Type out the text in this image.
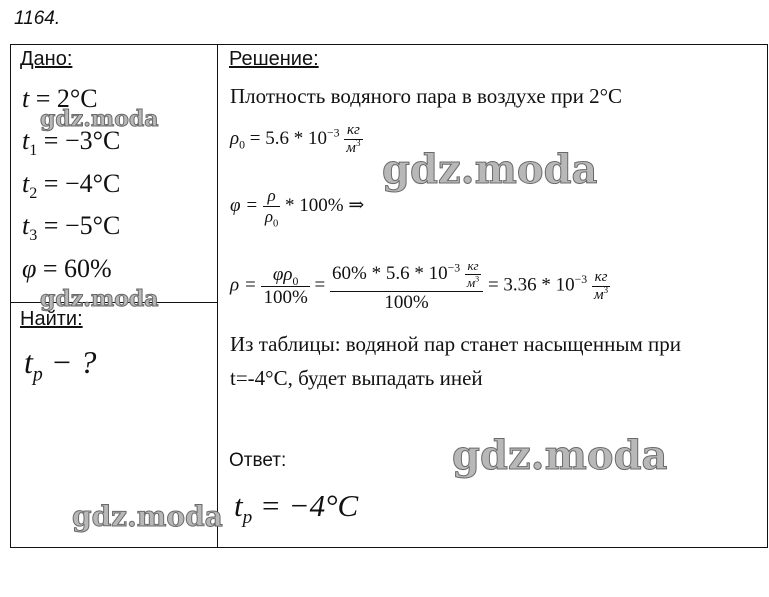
1164.
Дано:
t = 2°C
$t_1 = -3^\circ C$
$t_2 = -4^\circ C$
$t_3 = -5^\circ C$
φ = 60%
Найти:
$t_p$ − ?
Решение:
Плотность водяного пара в воздухе при 2°С
$\rho_0 = 5.6 * 10^{-3} \frac{кг}{м^3}$
$\varphi = \frac{\rho}{\rho_0} * 100\%$ ⇒
$\rho = \frac{\varphi\rho_0}{100\%} = \frac{60\% * 5.6 * 10^{-3} \frac{кг}{м^3}}{100\%} = 3.36 * 10^{-3} \frac{кг}{м^3}$
Из таблицы: водяной пар станет насыщенным при
t=-4°С, будет выпадать иней
Ответ:
$t_p = -4^\circ C$
gdz.moda
gdz.moda
gdz.moda
gdz.moda
gdz.moda
